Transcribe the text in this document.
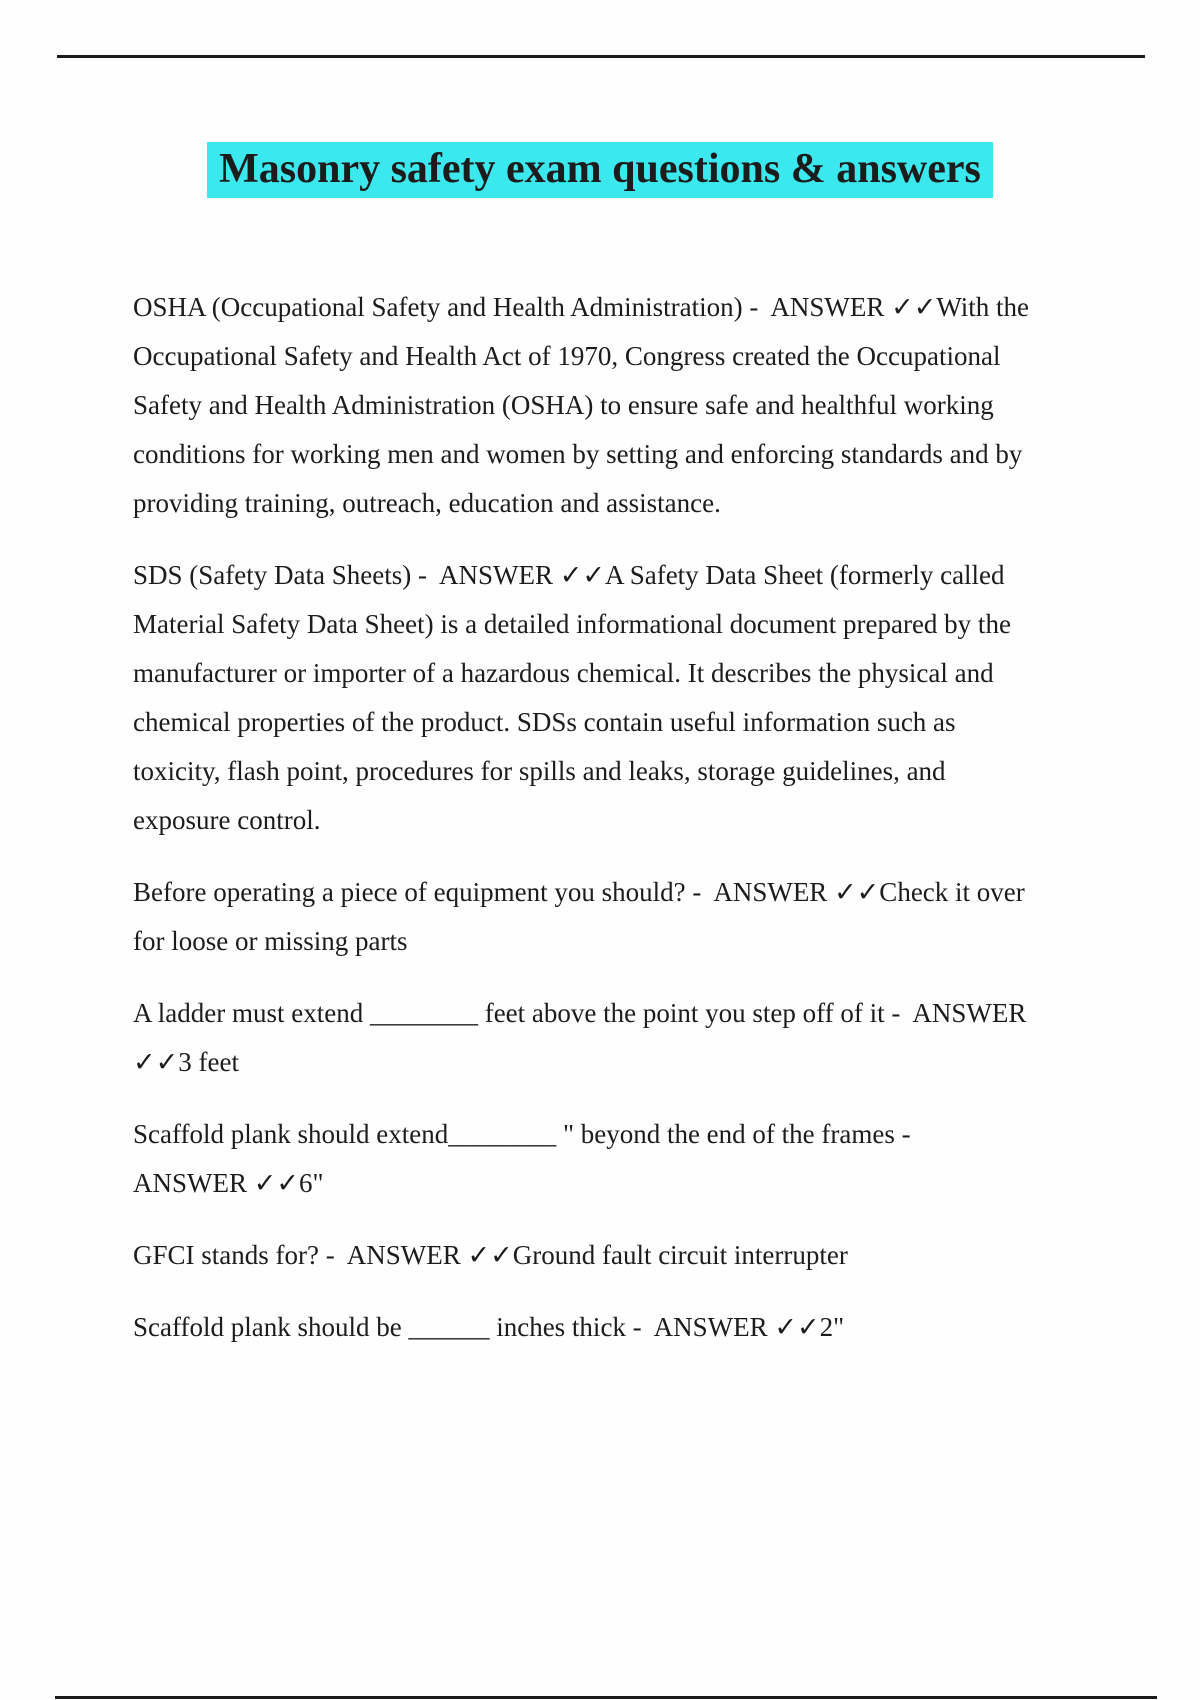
Masonry safety exam questions & answers

OSHA (Occupational Safety and Health Administration) -  ANSWER ✓✓With the
Occupational Safety and Health Act of 1970, Congress created the Occupational
Safety and Health Administration (OSHA) to ensure safe and healthful working
conditions for working men and women by setting and enforcing standards and by
providing training, outreach, education and assistance.

SDS (Safety Data Sheets) -  ANSWER ✓✓A Safety Data Sheet (formerly called
Material Safety Data Sheet) is a detailed informational document prepared by the
manufacturer or importer of a hazardous chemical. It describes the physical and
chemical properties of the product. SDSs contain useful information such as
toxicity, flash point, procedures for spills and leaks, storage guidelines, and
exposure control.

Before operating a piece of equipment you should? -  ANSWER ✓✓Check it over
for loose or missing parts

A ladder must extend ________ feet above the point you step off of it -  ANSWER
✓✓3 feet

Scaffold plank should extend________ " beyond the end of the frames -
ANSWER ✓✓6"

GFCI stands for? -  ANSWER ✓✓Ground fault circuit interrupter

Scaffold plank should be ______ inches thick -  ANSWER ✓✓2"
